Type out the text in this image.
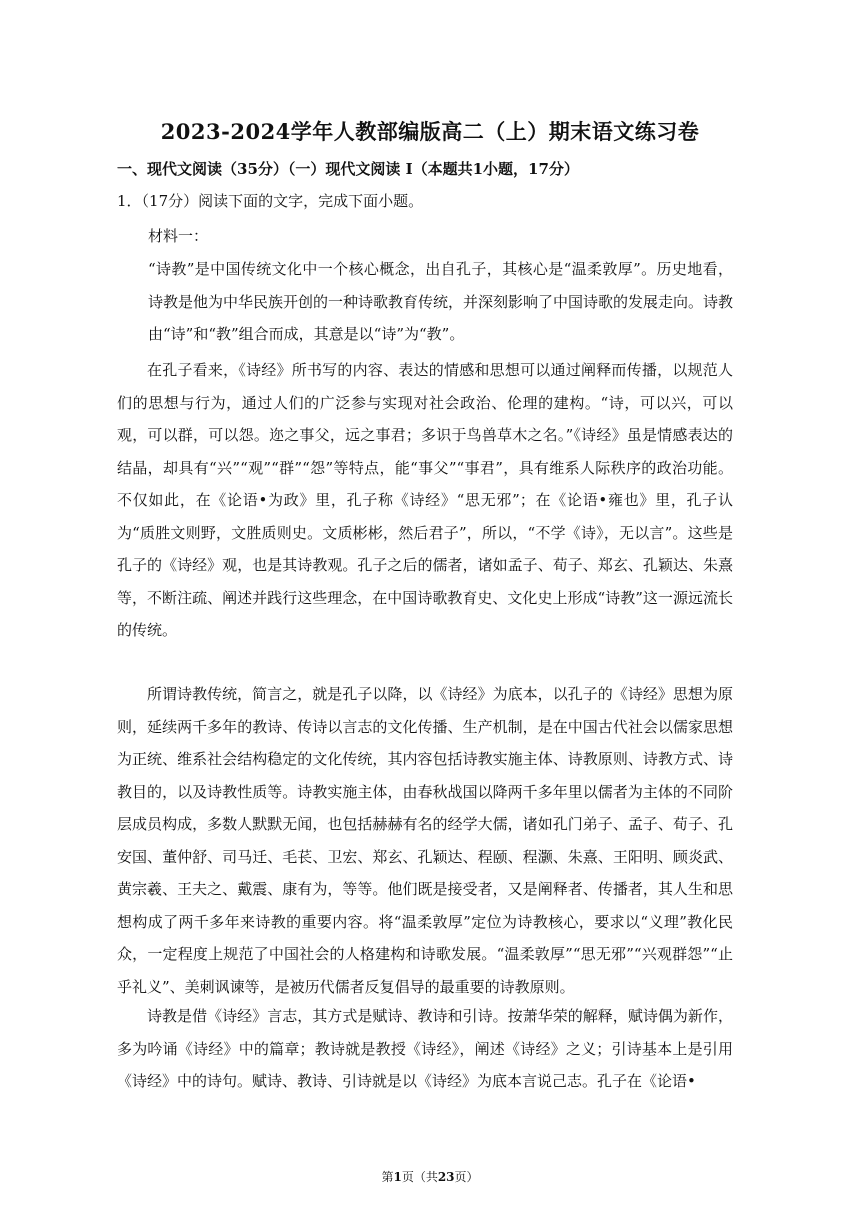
2023-2024学年人教部编版高二（上）期末语文练习卷
一、现代文阅读（35分）（一）现代文阅读 I（本题共1小题，17分）
1．（17分）阅读下面的文字，完成下面小题。
材料一：
“诗教”是中国传统文化中一个核心概念，出自孔子，其核心是“温柔敦厚”。历史地看，诗教是他为中华民族开创的一种诗歌教育传统，并深刻影响了中国诗歌的发展走向。诗教由“诗”和“教”组合而成，其意是以“诗”为“教”。
在孔子看来，《诗经》所书写的内容、表达的情感和思想可以通过阐释而传播，以规范人们的思想与行为，通过人们的广泛参与实现对社会政治、伦理的建构。“诗，可以兴，可以观，可以群，可以怨。迩之事父，远之事君；多识于鸟兽草木之名。”《诗经》虽是情感表达的结晶，却具有“兴”“观”“群”“怨”等特点，能“事父”“事君”，具有维系人际秩序的政治功能。不仅如此，在《论语•为政》里，孔子称《诗经》“思无邪”；在《论语•雍也》里，孔子认为“质胜文则野，文胜质则史。文质彬彬，然后君子”，所以，“不学《诗》，无以言”。这些是孔子的《诗经》观，也是其诗教观。孔子之后的儒者，诸如孟子、荀子、郑玄、孔颖达、朱熹等，不断注疏、阐述并践行这些理念，在中国诗歌教育史、文化史上形成“诗教”这一源远流长的传统。
所谓诗教传统，简言之，就是孔子以降，以《诗经》为底本，以孔子的《诗经》思想为原则，延续两千多年的教诗、传诗以言志的文化传播、生产机制，是在中国古代社会以儒家思想为正统、维系社会结构稳定的文化传统，其内容包括诗教实施主体、诗教原则、诗教方式、诗教目的，以及诗教性质等。诗教实施主体，由春秋战国以降两千多年里以儒者为主体的不同阶层成员构成，多数人默默无闻，也包括赫赫有名的经学大儒，诸如孔门弟子、孟子、荀子、孔安国、董仲舒、司马迁、毛苌、卫宏、郑玄、孔颖达、程颐、程灏、朱熹、王阳明、顾炎武、黄宗羲、王夫之、戴震、康有为，等等。他们既是接受者，又是阐释者、传播者，其人生和思想构成了两千多年来诗教的重要内容。将“温柔敦厚”定位为诗教核心，要求以“义理”教化民众，一定程度上规范了中国社会的人格建构和诗歌发展。“温柔敦厚”“思无邪”“兴观群怨”“止乎礼义”、美刺讽谏等，是被历代儒者反复倡导的最重要的诗教原则。
诗教是借《诗经》言志，其方式是赋诗、教诗和引诗。按萧华荣的解释，赋诗偶为新作，多为吟诵《诗经》中的篇章；教诗就是教授《诗经》，阐述《诗经》之义；引诗基本上是引用《诗经》中的诗句。赋诗、教诗、引诗就是以《诗经》为底本言说己志。孔子在《论语•
第1页（共23页）
